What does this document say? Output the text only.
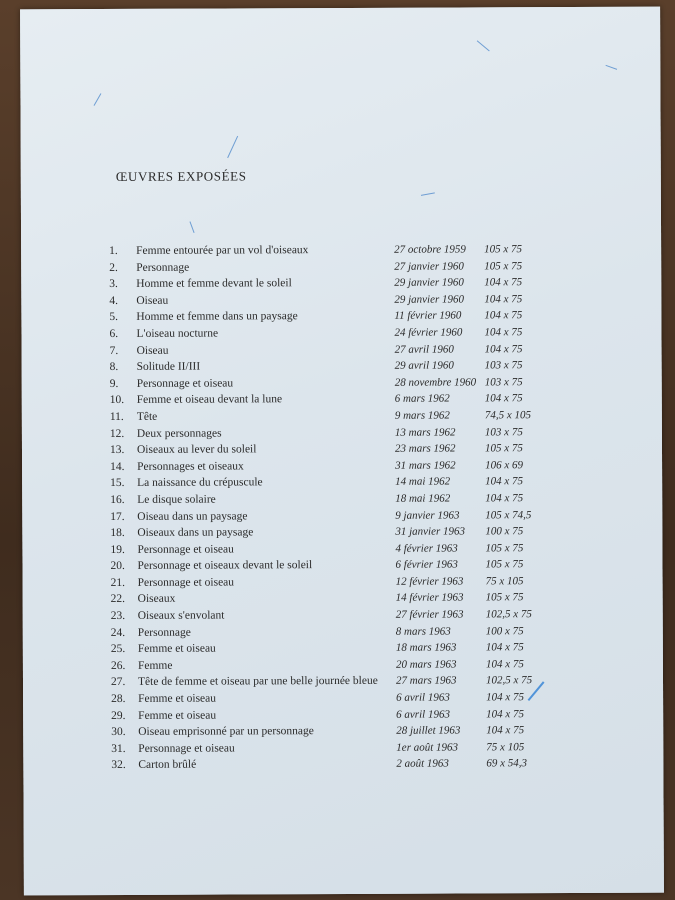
ŒUVRES EXPOSÉES
1.	Femme entourée par un vol d'oiseaux	27 octobre 1959 105 x 75
2.	Personnage	27 janvier 1960 105 x 75
3.	Homme et femme devant le soleil	29 janvier 1960 104 x 75
4.	Oiseau	29 janvier 1960 104 x 75
5.	Homme et femme dans un paysage	11 février 1960 104 x 75
6.	L'oiseau nocturne	24 février 1960 104 x 75
7.	Oiseau	27 avril 1960	104 x 75
8.	Solitude II/III	29 avril 1960	103 x 75
9.	Personnage et oiseau	28 novembre 1960 103 x 75
10.	Femme et oiseau devant la lune	6 mars 1962	104 x 75
11.	Tête	9 mars 1962	74,5 x 105
12.	Deux personnages	13 mars 1962	103 x 75
13.	Oiseaux au lever du soleil	23 mars 1962	105 x 75
14.	Personnages et oiseaux	31 mars 1962	106 x 69
15.	La naissance du crépuscule	14 mai 1962	104 x 75
16.	Le disque solaire	18 mai 1962	104 x 75
17.	Oiseau dans un paysage	9 janvier 1963 105 x 74,5
18.	Oiseaux dans un paysage	31 janvier 1963 100 x 75
19.	Personnage et oiseau	4 février 1963	105 x 75
20.	Personnage et oiseaux devant le soleil	6 février 1963	105 x 75
21.	Personnage et oiseau	12 février 1963 75 x 105
22.	Oiseaux	14 février 1963 105 x 75
23.	Oiseaux s'envolant	27 février 1963 102,5 x 75
24.	Personnage	8 mars 1963	100 x 75
25.	Femme et oiseau	18 mars 1963	104 x 75
26.	Femme	20 mars 1963	104 x 75
27.	Tête de femme et oiseau par une belle journée bleue 27 mars 1963	102,5 x 75
28.	Femme et oiseau	6 avril 1963	104 x 75
29.	Femme et oiseau	6 avril 1963	104 x 75
30.	Oiseau emprisonné par un personnage	28 juillet 1963 104 x 75
31.	Personnage et oiseau	1er août 1963	75 x 105
32.	Carton brûlé	2 août 1963	69 x 54,3
